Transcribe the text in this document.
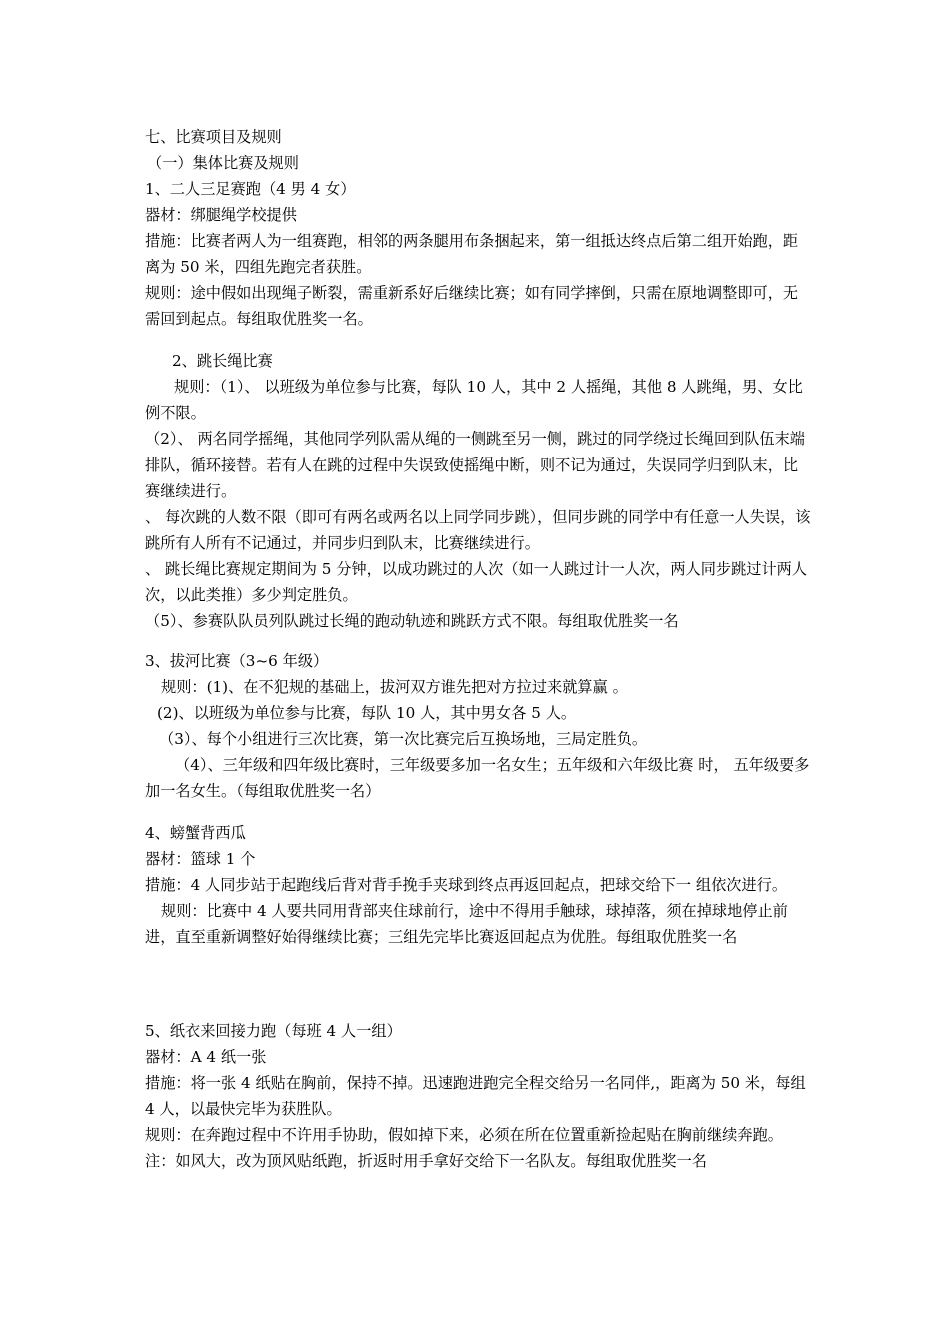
七、比赛项目及规则

（一）集体比赛及规则

1、二人三足赛跑（4 男 4 女）

器材：绑腿绳学校提供

措施：比赛者两人为一组赛跑，相邻的两条腿用布条捆起来，第一组抵达终点后第二组开始跑，距离为 50 米，四组先跑完者获胜。

规则：途中假如出现绳子断裂，需重新系好后继续比赛；如有同学摔倒，只需在原地调整即可，无需回到起点。每组取优胜奖一名。

2、跳长绳比赛

规则：（1）、 以班级为单位参与比赛，每队 10 人，其中 2 人摇绳，其他 8 人跳绳，男、女比例不限。

（2）、 两名同学摇绳，其他同学列队需从绳的一侧跳至另一侧，跳过的同学绕过长绳回到队伍末端排队，循环接替。若有人在跳的过程中失误致使摇绳中断，则不记为通过，失误同学归到队末，比赛继续进行。

、 每次跳的人数不限（即可有两名或两名以上同学同步跳），但同步跳的同学中有任意一人失误，该跳所有人所有不记通过，并同步归到队末，比赛继续进行。

、 跳长绳比赛规定期间为 5 分钟，以成功跳过的人次（如一人跳过计一人次，两人同步跳过计两人次，以此类推）多少判定胜负。

（5）、参赛队队员列队跳过长绳的跑动轨迹和跳跃方式不限。每组取优胜奖一名

3、拔河比赛（3~6 年级）

规则：(1)、在不犯规的基础上，拔河双方谁先把对方拉过来就算赢 。

(2)、以班级为单位参与比赛，每队 10 人，其中男女各 5 人。

（3）、每个小组进行三次比赛，第一次比赛完后互换场地，三局定胜负。

（4）、三年级和四年级比赛时，三年级要多加一名女生；五年级和六年级比赛 时， 五年级要多加一名女生。（每组取优胜奖一名）

4、螃蟹背西瓜

器材：篮球 1 个

措施：4 人同步站于起跑线后背对背手挽手夹球到终点再返回起点，把球交给下一 组依次进行。

规则：比赛中 4 人要共同用背部夹住球前行，途中不得用手触球，球掉落，须在掉球地停止前进，直至重新调整好始得继续比赛；三组先完毕比赛返回起点为优胜。每组取优胜奖一名

5、纸衣来回接力跑（每班 4 人一组）

器材：A 4 纸一张

措施：将一张 4 纸贴在胸前，保持不掉。迅速跑进跑完全程交给另一名同伴,，距离为 50 米，每组 4 人，以最快完毕为获胜队。

规则：在奔跑过程中不许用手协助，假如掉下来，必须在所在位置重新捡起贴在胸前继续奔跑。注：如风大，改为顶风贴纸跑，折返时用手拿好交给下一名队友。每组取优胜奖一名
